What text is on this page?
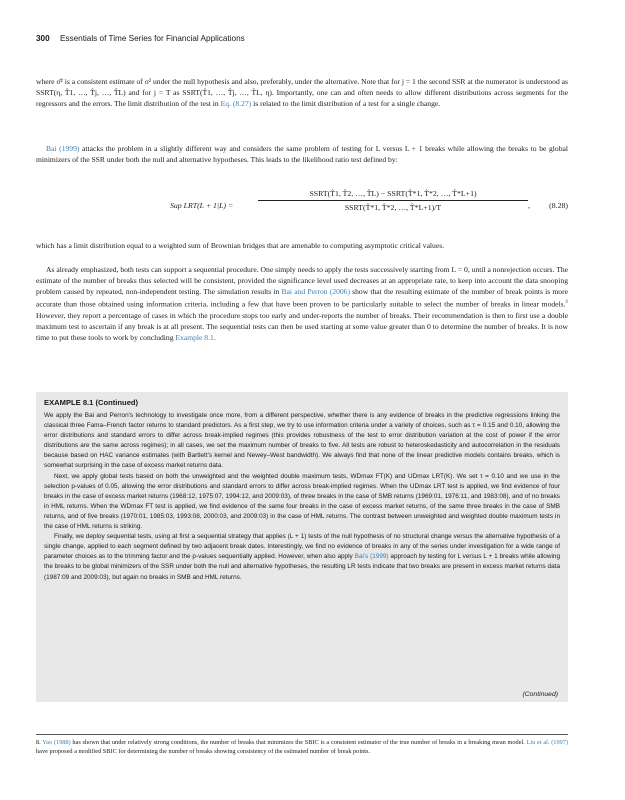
300 Essentials of Time Series for Financial Applications

where σ̂² is a consistent estimate of σ² under the null hypothesis and also, preferably, under the alternative. Note that for j = 1 the second SSR at the numerator is understood as SSRT(η, T̂1, …, T̂j, …, T̂L) and for j = T as SSRT(T̂1, …, T̂j, …, T̂L, η). Importantly, one can and often needs to allow different distributions across segments for the regressors and the errors. The limit distribution of the test in Eq. (8.27) is related to the limit distribution of a test for a single change.

Bai (1999) attacks the problem in a slightly different way and considers the same problem of testing for L versus L + 1 breaks while allowing the breaks to be global minimizers of the SSR under both the null and alternative hypotheses. This leads to the likelihood ratio test defined by:

Sup LRT(L + 1|L) =
SSRT(T̂1, T̂2, …, T̂L) − SSRT(T̂*1, T̂*2, …, T̂*L+1)
SSRT(T̂*1, T̂*2, …, T̂*L+1)/T	, (8.28)

which has a limit distribution equal to a weighted sum of Brownian bridges that are amenable to computing asymptotic critical values.

As already emphasized, both tests can support a sequential procedure. One simply needs to apply the tests successively starting from L = 0, until a nonrejection occurs. The estimate of the number of breaks thus selected will be consistent, provided the significance level used decreases at an appropriate rate, to keep into account the data snooping problem caused by repeated, non-independent testing. The simulation results in Bai and Perron (2006) show that the resulting estimate of the number of break points is more accurate than those obtained using information criteria, including a few that have been proven to be particularly suitable to select the number of breaks in linear models.$^8$ However, they report a percentage of cases in which the procedure stops too early and under-reports the number of breaks. Their recommendation is then to first use a double maximum test to ascertain if any break is at all present. The sequential tests can then be used starting at some value greater than 0 to determine the number of breaks. It is now time to put these tools to work by concluding Example 8.1.

EXAMPLE 8.1 (Continued)

We apply the Bai and Perron's technology to investigate once more, from a different perspective, whether there is any evidence of breaks in the predictive regressions linking the classical three Fama–French factor returns to standard predictors. As a first step, we try to use information criteria under a variety of choices, such as τ = 0.15 and 0.10, allowing the error distributions and standard errors to differ across break-implied regimes (this provides robustness of the test to error distribution variation at the cost of power if the error distributions are the same across regimes); in all cases, we set the maximum number of breaks to five. All tests are robust to heteroskedasticity and autocorrelation in the residuals because based on HAC variance estimates (with Bartlett's kernel and Newey–West bandwidth). We always find that none of the linear predictive models contains breaks, which is somewhat surprising in the case of excess market returns data.

Next, we apply global tests based on both the unweighted and the weighted double maximum tests, WDmax FT(K) and UDmax LRT(K). We set τ = 0.10 and we use in the selection p-values of 0.05, allowing the error distributions and standard errors to differ across break-implied regimes. When the UDmax LRT test is applied, we find evidence of four breaks in the case of excess market returns (1968:12, 1975:07, 1994:12, and 2009:03), of three breaks in the case of SMB returns (1969:01, 1976:11, and 1983:08), and of no breaks in HML returns. When the WDmax FT test is applied, we find evidence of the same four breaks in the case of excess market returns, of the same three breaks in the case of SMB returns, and of five breaks (1970:01, 1985:03, 1993:08, 2000:03, and 2009:03) in the case of HML returns. The contrast between unweighted and weighted double maximum tests in the case of HML returns is striking.

Finally, we deploy sequential tests, using at first a sequential strategy that applies (L + 1) tests of the null hypothesis of no structural change versus the alternative hypothesis of a single change, applied to each segment defined by two adjacent break dates. Interestingly, we find no evidence of breaks in any of the series under investigation for a wide range of parameter choices as to the trimming factor and the p-values sequentially applied. However, when also apply Bai's (1999) approach by testing for L versus L + 1 breaks while allowing the breaks to be global minimizers of the SSR under both the null and alternative hypotheses, the resulting LR tests indicate that two breaks are present in excess market returns data (1987:09 and 2009:03), but again no breaks in SMB and HML returns.

(Continued)

8. Yao (1988) has shown that under relatively strong conditions, the number of breaks that minimizes the SBIC is a consistent estimator of the true number of breaks in a breaking mean model. Liu et al. (1997) have proposed a modified SBIC for determining the number of breaks showing consistency of the estimated number of break points.
